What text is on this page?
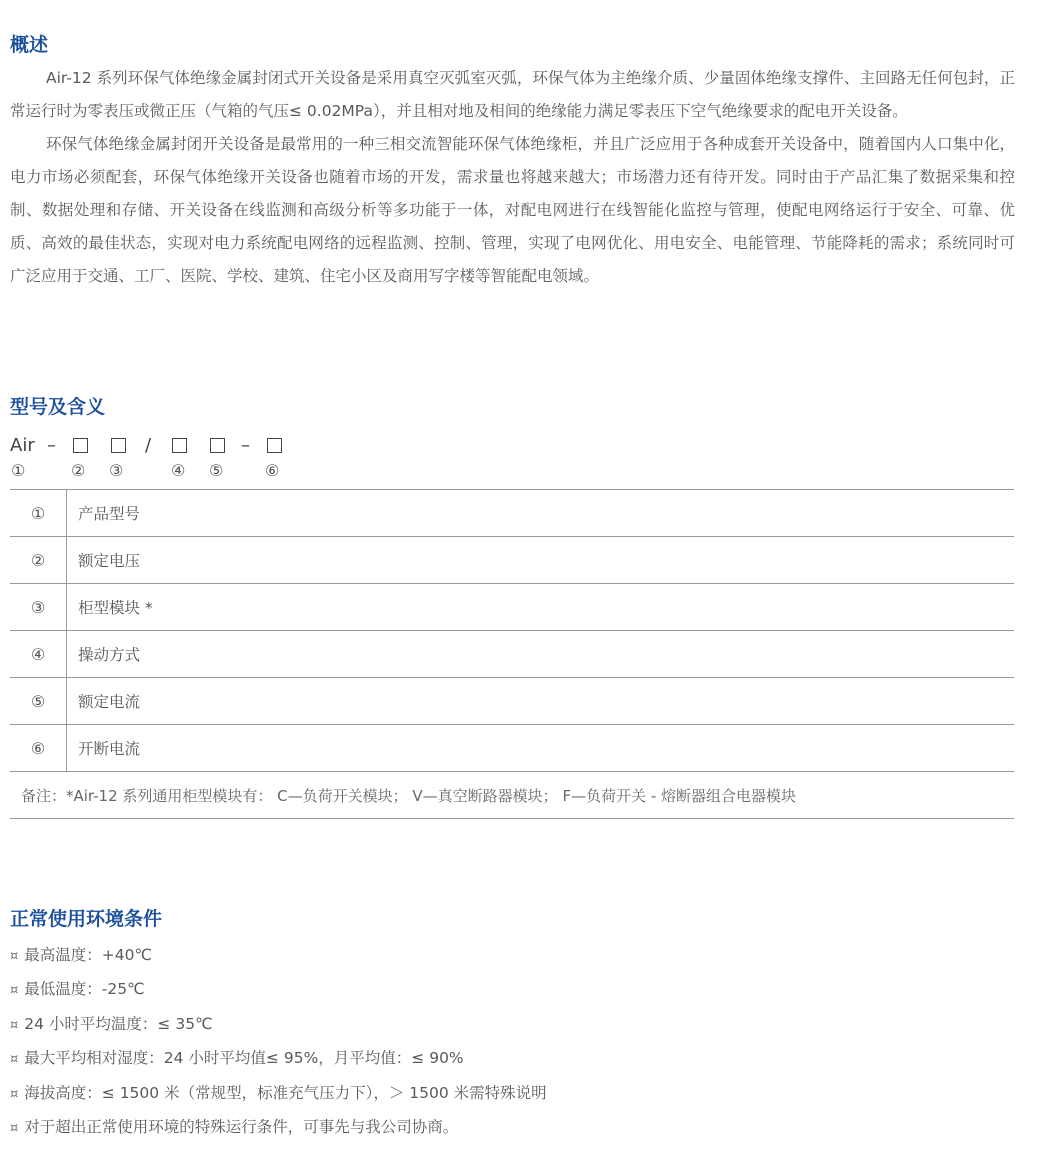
概述

Air-12 系列环保气体绝缘金属封闭式开关设备是采用真空灭弧室灭弧，环保气体为主绝缘介质、少量固体绝缘支撑件、主回路无任何包封，正常运行时为零表压或微正压（气箱的气压≤ 0.02MPa），并且相对地及相间的绝缘能力满足零表压下空气绝缘要求的配电开关设备。

环保气体绝缘金属封闭开关设备是最常用的一种三相交流智能环保气体绝缘柜，并且广泛应用于各种成套开关设备中，随着国内人口集中化，电力市场必须配套，环保气体绝缘开关设备也随着市场的开发，需求量也将越来越大；市场潜力还有待开发。同时由于产品汇集了数据采集和控制、数据处理和存储、开关设备在线监测和高级分析等多功能于一体，对配电网进行在线智能化监控与管理，使配电网络运行于安全、可靠、优质、高效的最佳状态，实现对电力系统配电网络的远程监测、控制、管理，实现了电网优化、用电安全、电能管理、节能降耗的需求；系统同时可广泛应用于交通、工厂、医院、学校、建筑、住宅小区及商用写字楼等智能配电领域。

型号及含义
Air –	/	–
①	② ③	④ ⑤	⑥
①	产品型号
②	额定电压
③	柜型模块 *
④	操动方式
⑤	额定电流
⑥	开断电流
备注：*Air-12 系列通用柜型模块有： C—负荷开关模块； V—真空断路器模块； F—负荷开关 - 熔断器组合电器模块	
正常使用环境条件
¤ 最高温度：+40℃
¤ 最低温度：-25℃
¤ 24 小时平均温度：≤ 35℃
¤ 最大平均相对湿度：24 小时平均值≤ 95%，月平均值：≤ 90%
¤ 海拔高度：≤ 1500 米（常规型，标准充气压力下），＞ 1500 米需特殊说明
¤ 对于超出正常使用环境的特殊运行条件，可事先与我公司协商。
